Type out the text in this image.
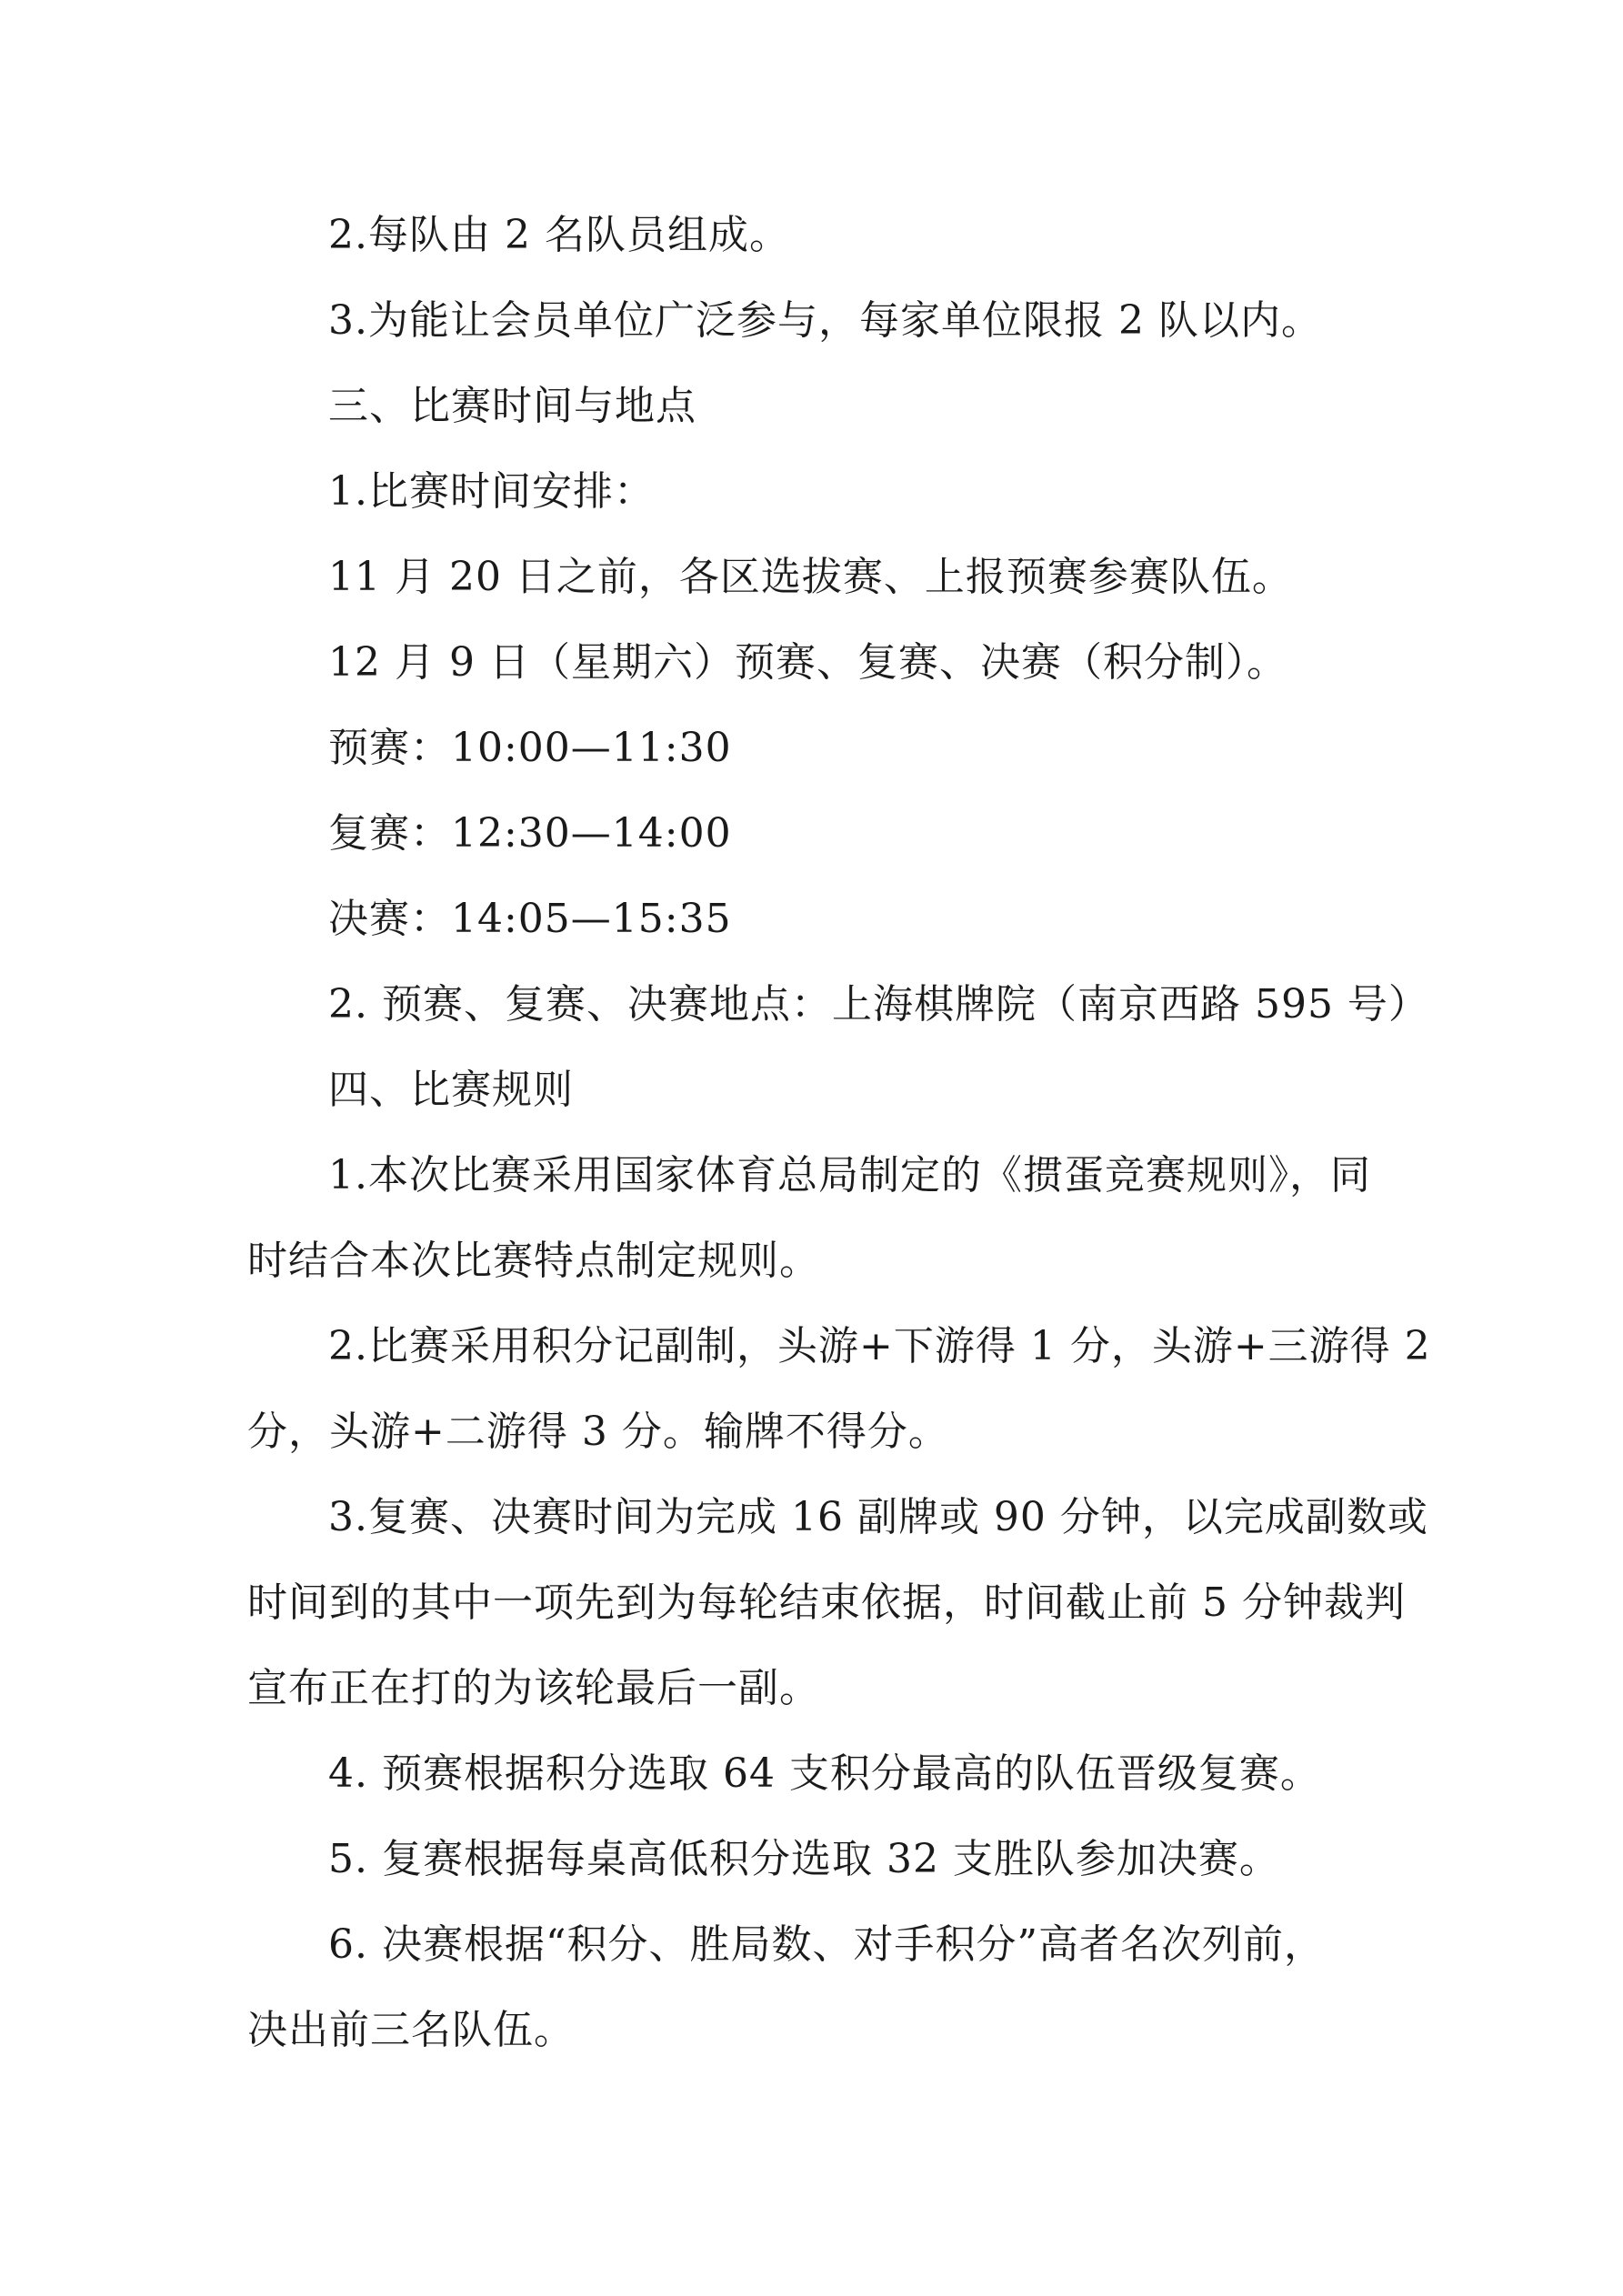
2.每队由 2 名队员组成。

3.为能让会员单位广泛参与，每家单位限报 2 队以内。

三、比赛时间与地点

1.比赛时间安排：

11 月 20 日之前，各区选拔赛、上报预赛参赛队伍。

12 月 9 日（星期六）预赛、复赛、决赛（积分制）。

预赛：10:00—11:30

复赛：12:30—14:00

决赛：14:05—15:35

2. 预赛、复赛、决赛地点：上海棋牌院（南京西路 595 号）

四、比赛规则

1.本次比赛采用国家体育总局制定的《掼蛋竞赛规则》，同

时结合本次比赛特点制定规则。

2.比赛采用积分记副制，头游+下游得 1 分，头游+三游得 2

分，头游+二游得 3 分。输牌不得分。

3.复赛、决赛时间为完成 16 副牌或 90 分钟，以完成副数或

时间到的其中一项先到为每轮结束依据，时间截止前 5 分钟裁判

宣布正在打的为该轮最后一副。

4. 预赛根据积分选取 64 支积分最高的队伍晋级复赛。

5. 复赛根据每桌高低积分选取 32 支胜队参加决赛。

6. 决赛根据“积分、胜局数、对手积分”高者名次列前，

决出前三名队伍。
